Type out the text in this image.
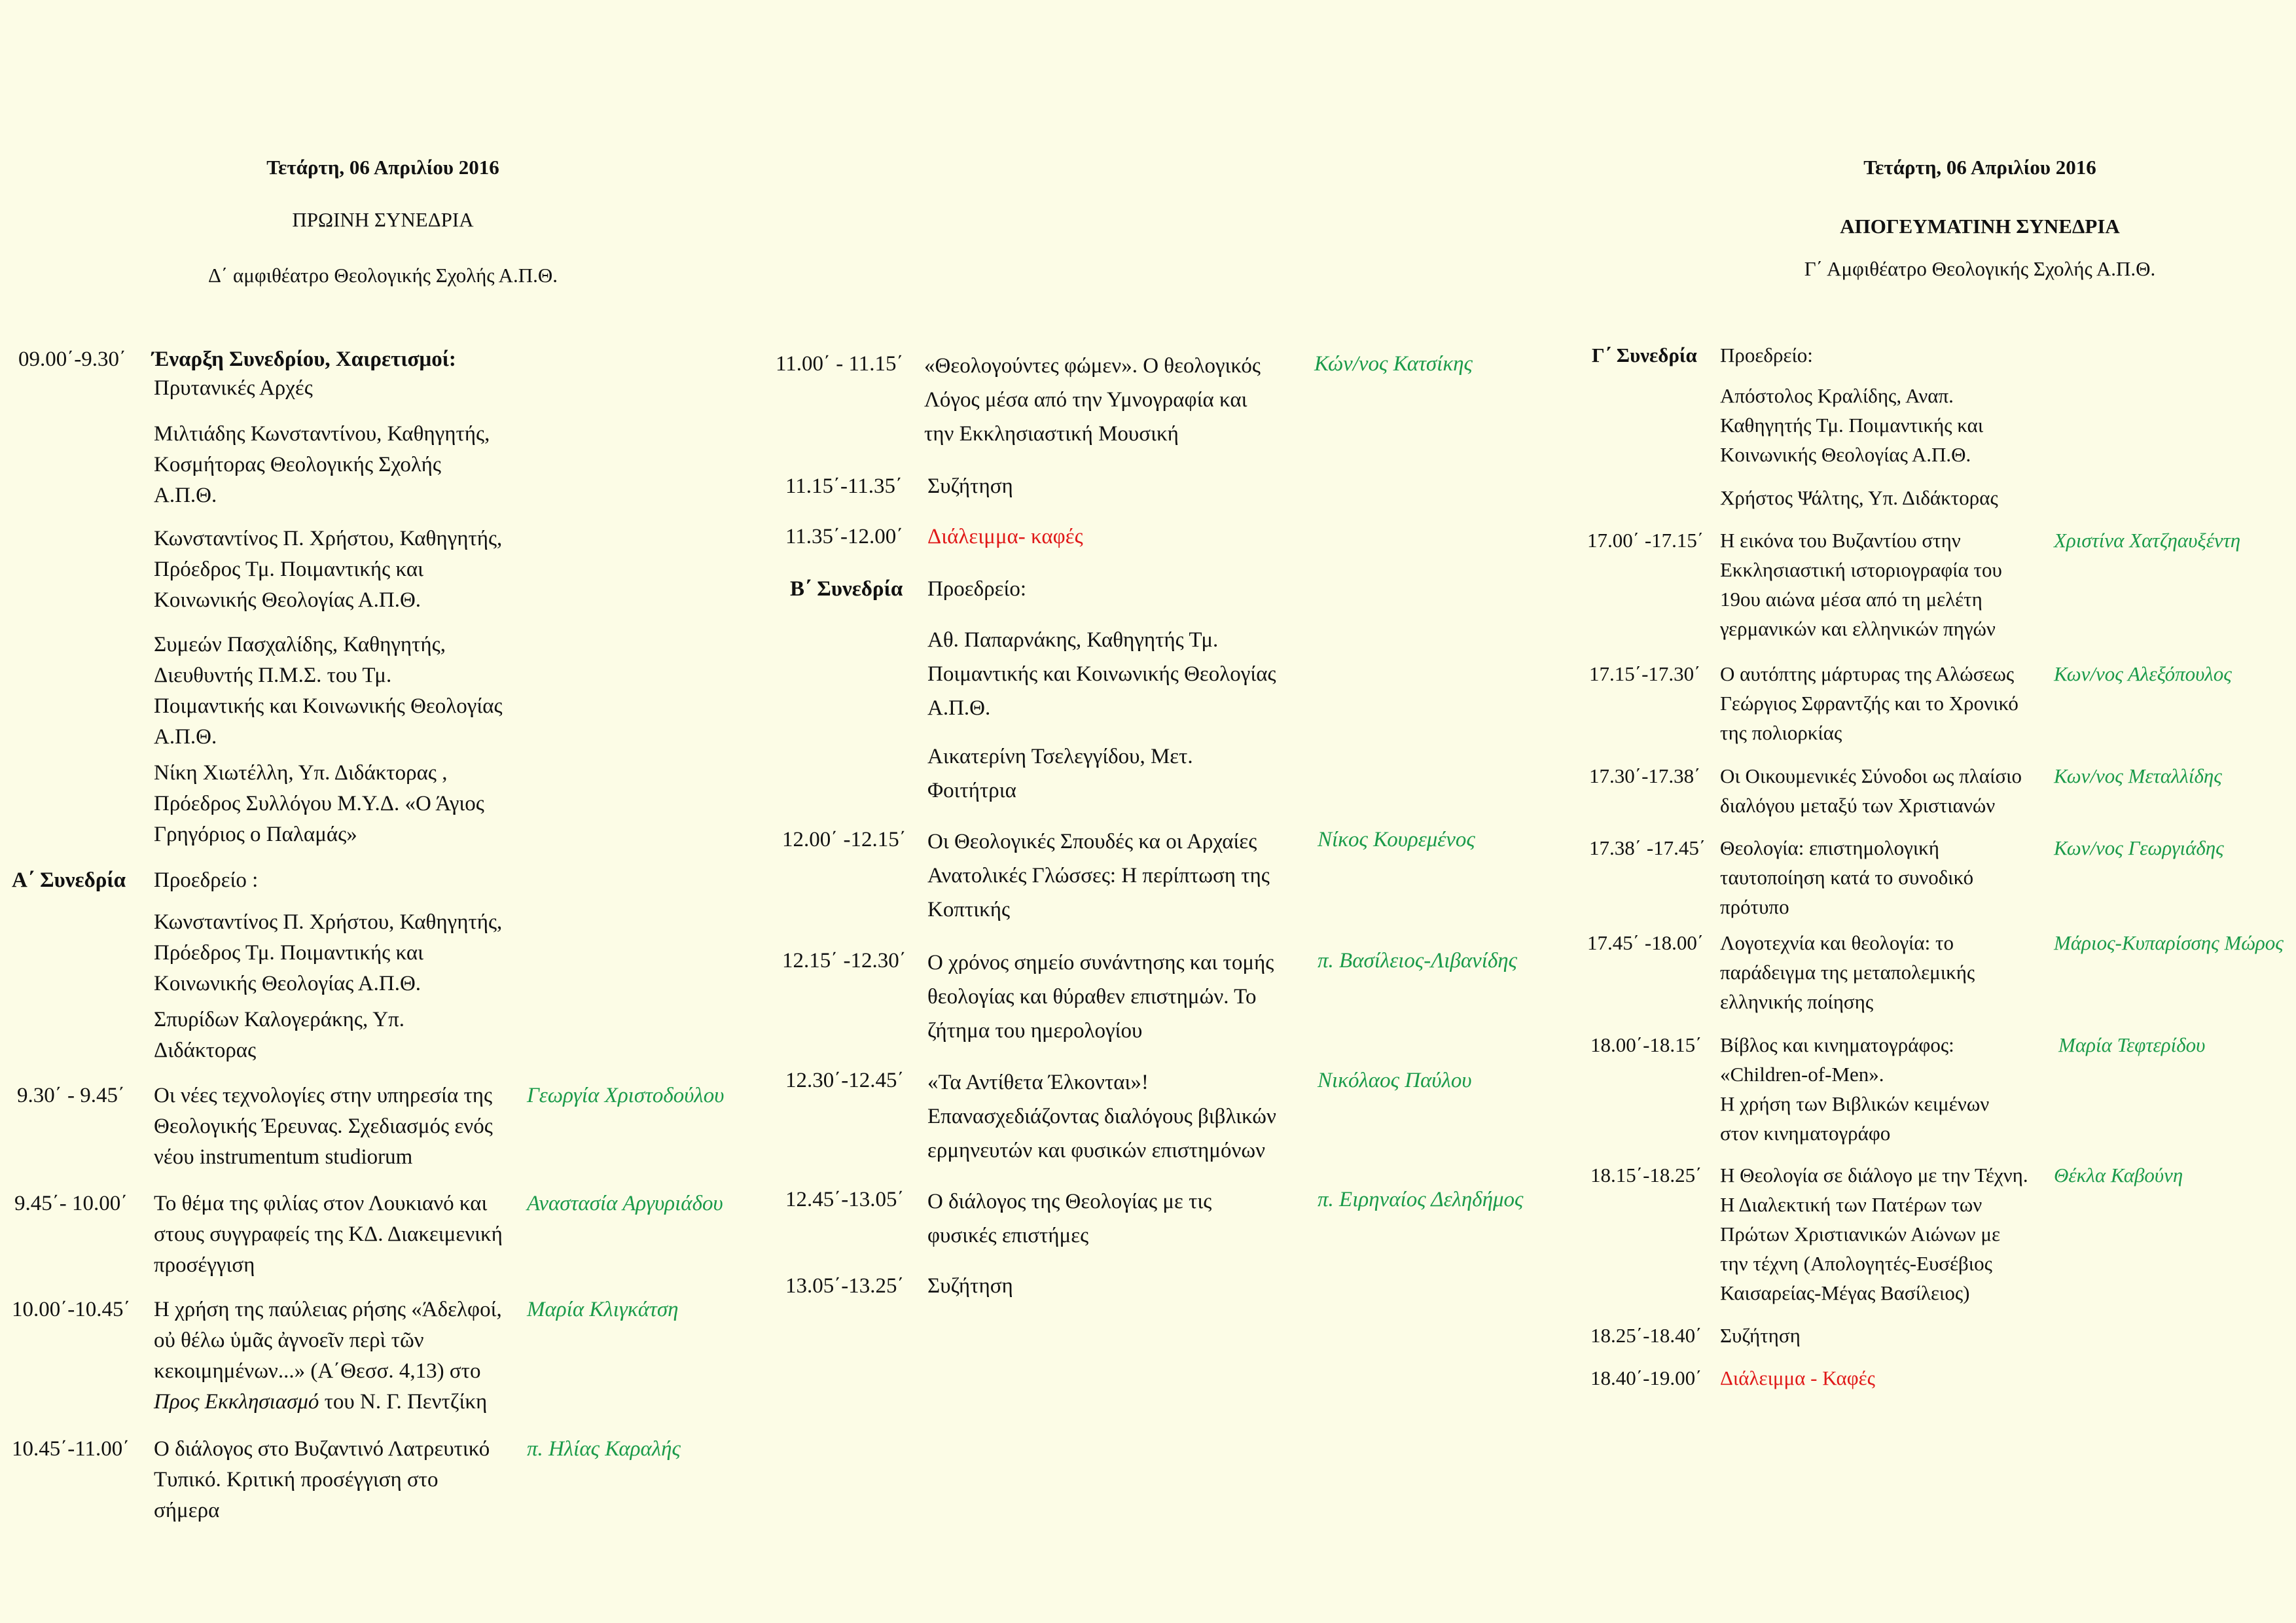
Τετάρτη, 06 Απριλίου 2016
ΠΡΩΙΝΗ ΣΥΝΕΔΡΙΑ
Δ΄ αμφιθέατρο Θεολογικής Σχολής Α.Π.Θ.
Τετάρτη, 06 Απριλίου 2016
ΑΠΟΓΕΥΜΑΤΙΝΗ ΣΥΝΕΔΡΙΑ
Γ΄ Αμφιθέατρο Θεολογικής Σχολής Α.Π.Θ.
09.00΄-9.30΄ Έναρξη Συνεδρίου, Χαιρετισμοί:
Πρυτανικές Αρχές
Μιλτιάδης Κωνσταντίνου, Καθηγητής,
Κοσμήτορας Θεολογικής Σχολής
Α.Π.Θ.
Κωνσταντίνος Π. Χρήστου, Καθηγητής,
Πρόεδρος Τμ. Ποιμαντικής και
Κοινωνικής Θεολογίας Α.Π.Θ.
Συμεών Πασχαλίδης, Καθηγητής,
Διευθυντής Π.Μ.Σ. του Τμ.
Ποιμαντικής και Κοινωνικής Θεολογίας
Α.Π.Θ.
Νίκη Χιωτέλλη, Υπ. Διδάκτορας ,
Πρόεδρος Συλλόγου Μ.Υ.Δ. «Ο Άγιος
Γρηγόριος ο Παλαμάς»
Α΄ Συνεδρία Προεδρείο :
Κωνσταντίνος Π. Χρήστου, Καθηγητής,
Πρόεδρος Τμ. Ποιμαντικής και
Κοινωνικής Θεολογίας Α.Π.Θ.
Σπυρίδων Καλογεράκης, Υπ.
Διδάκτορας
9.30΄ - 9.45΄ Οι νέες τεχνολογίες στην υπηρεσία της
Θεολογικής Έρευνας. Σχεδιασμός ενός
νέου instrumentum studiorum
Γεωργία Χριστοδούλου
9.45΄- 10.00΄ Το θέμα της φιλίας στον Λουκιανό και
στους συγγραφείς της ΚΔ. Διακειμενική
προσέγγιση
Αναστασία Αργυριάδου
10.00΄-10.45΄ Η χρήση της παύλειας ρήσης «Άδελφοί,
οὐ θέλω ὑμᾶς ἀγνοεῖν περὶ τῶν
κεκοιμημένων...» (Α΄Θεσσ. 4,13) στο
Προς Εκκλησιασμό του Ν. Γ. Πεντζίκη
Μαρία Κλιγκάτση
10.45΄-11.00΄ Ο διάλογος στο Βυζαντινό Λατρευτικό
Τυπικό. Κριτική προσέγγιση στο
σήμερα
π. Ηλίας Καραλής
11.00΄ - 11.15΄ «Θεολογούντες φώμεν». Ο θεολογικός
Λόγος μέσα από την Υμνογραφία και
την Εκκλησιαστική Μουσική
Κών/νος Κατσίκης
11.15΄-11.35΄ Συζήτηση
11.35΄-12.00΄ Διάλειμμα- καφές
Β΄ Συνεδρία Προεδρείο:
Αθ. Παπαρνάκης, Καθηγητής Τμ.
Ποιμαντικής και Κοινωνικής Θεολογίας
Α.Π.Θ.
Αικατερίνη Τσελεγγίδου, Μετ.
Φοιτήτρια
12.00΄ -12.15΄ Οι Θεολογικές Σπουδές κα οι Αρχαίες
Ανατολικές Γλώσσες: Η περίπτωση της
Κοπτικής
Νίκος Κουρεμένος
12.15΄ -12.30΄ Ο χρόνος σημείο συνάντησης και τομής
θεολογίας και θύραθεν επιστημών. Το
ζήτημα του ημερολογίου
π. Βασίλειος-Λιβανίδης
12.30΄-12.45΄ «Τα Αντίθετα Έλκονται»!
Επανασχεδιάζοντας διαλόγους βιβλικών
ερμηνευτών και φυσικών επιστημόνων
Νικόλαος Παύλου
12.45΄-13.05΄ Ο διάλογος της Θεολογίας με τις
φυσικές επιστήμες
π. Ειρηναίος Δεληδήμος
13.05΄-13.25΄ Συζήτηση
Γ΄ Συνεδρία Προεδρείο:
Απόστολος Κραλίδης, Αναπ.
Καθηγητής Τμ. Ποιμαντικής και
Κοινωνικής Θεολογίας Α.Π.Θ.
Χρήστος Ψάλτης, Υπ. Διδάκτορας
17.00΄ -17.15΄ Η εικόνα του Βυζαντίου στην
Εκκλησιαστική ιστοριογραφία του
19ου αιώνα μέσα από τη μελέτη
γερμανικών και ελληνικών πηγών
Χριστίνα Χατζηαυξέντη
17.15΄-17.30΄ Ο αυτόπτης μάρτυρας της Αλώσεως
Γεώργιος Σφραντζής και το Χρονικό
της πολιορκίας
Κων/νος Αλεξόπουλος
17.30΄-17.38΄ Οι Οικουμενικές Σύνοδοι ως πλαίσιο
διαλόγου μεταξύ των Χριστιανών
Κων/νος Μεταλλίδης
17.38΄ -17.45΄ Θεολογία: επιστημολογική
ταυτοποίηση κατά το συνοδικό
πρότυπο
Κων/νος Γεωργιάδης
17.45΄ -18.00΄ Λογοτεχνία και θεολογία: το
παράδειγμα της μεταπολεμικής
ελληνικής ποίησης
Μάριος-Κυπαρίσσης Μώρος
18.00΄-18.15΄ Βίβλος και κινηματογράφος:
«Children-of-Men».
Η χρήση των Βιβλικών κειμένων
στον κινηματογράφο
Μαρία Τεφτερίδου
18.15΄-18.25΄ Η Θεολογία σε διάλογο με την Τέχνη.
Η Διαλεκτική των Πατέρων των
Πρώτων Χριστιανικών Αιώνων με
την τέχνη (Απολογητές-Ευσέβιος
Καισαρείας-Μέγας Βασίλειος)
Θέκλα Καβούνη
18.25΄-18.40΄ Συζήτηση
18.40΄-19.00΄ Διάλειμμα - Καφές
